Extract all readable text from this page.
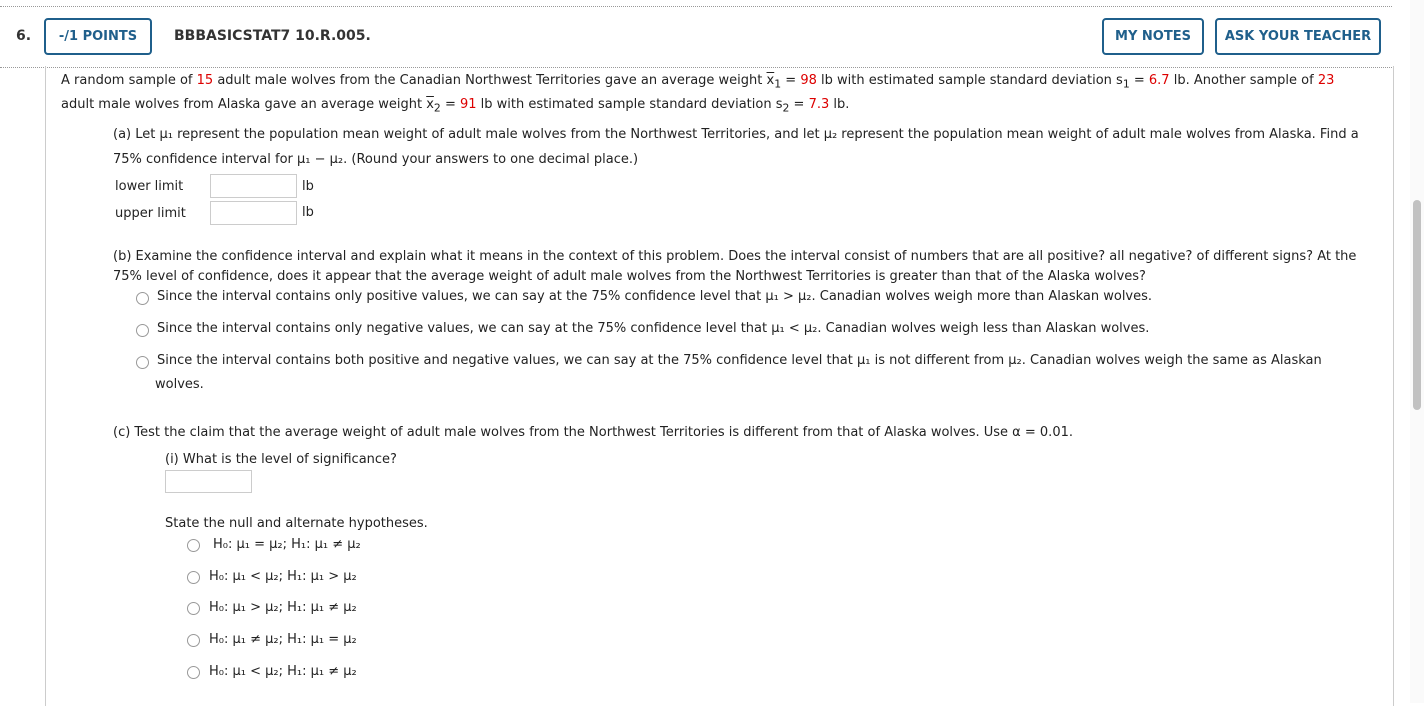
6.	-/1 POINTS	BBBASICSTAT7 10.R.005.	MY NOTES	ASK YOUR TEACHER
A random sample of 15 adult male wolves from the Canadian Northwest Territories gave an average weight $\overline{x}_1 = 98$ lb with estimated sample standard deviation $s_1 = 6.7$ lb. Another sample of 23
adult male wolves from Alaska gave an average weight $\overline{x}_2 = 91$ lb with estimated sample standard deviation $s_2 = 7.3$ lb.
(a) Let μ₁ represent the population mean weight of adult male wolves from the Northwest Territories, and let μ₂ represent the population mean weight of adult male wolves from Alaska. Find a
75% confidence interval for μ₁ − μ₂. (Round your answers to one decimal place.)
lower limit	lb
upper limit	lb
(b) Examine the confidence interval and explain what it means in the context of this problem. Does the interval consist of numbers that are all positive? all negative? of different signs? At the
75% level of confidence, does it appear that the average weight of adult male wolves from the Northwest Territories is greater than that of the Alaska wolves?
Since the interval contains only positive values, we can say at the 75% confidence level that μ₁ > μ₂. Canadian wolves weigh more than Alaskan wolves.
Since the interval contains only negative values, we can say at the 75% confidence level that μ₁ < μ₂. Canadian wolves weigh less than Alaskan wolves.
Since the interval contains both positive and negative values, we can say at the 75% confidence level that μ₁ is not different from μ₂. Canadian wolves weigh the same as Alaskan
wolves.
(c) Test the claim that the average weight of adult male wolves from the Northwest Territories is different from that of Alaska wolves. Use α = 0.01.
(i) What is the level of significance?
State the null and alternate hypotheses.
H₀: μ₁ = μ₂; H₁: μ₁ ≠ μ₂
H₀: μ₁ < μ₂; H₁: μ₁ > μ₂
H₀: μ₁ > μ₂; H₁: μ₁ ≠ μ₂
H₀: μ₁ ≠ μ₂; H₁: μ₁ = μ₂
H₀: μ₁ < μ₂; H₁: μ₁ ≠ μ₂
